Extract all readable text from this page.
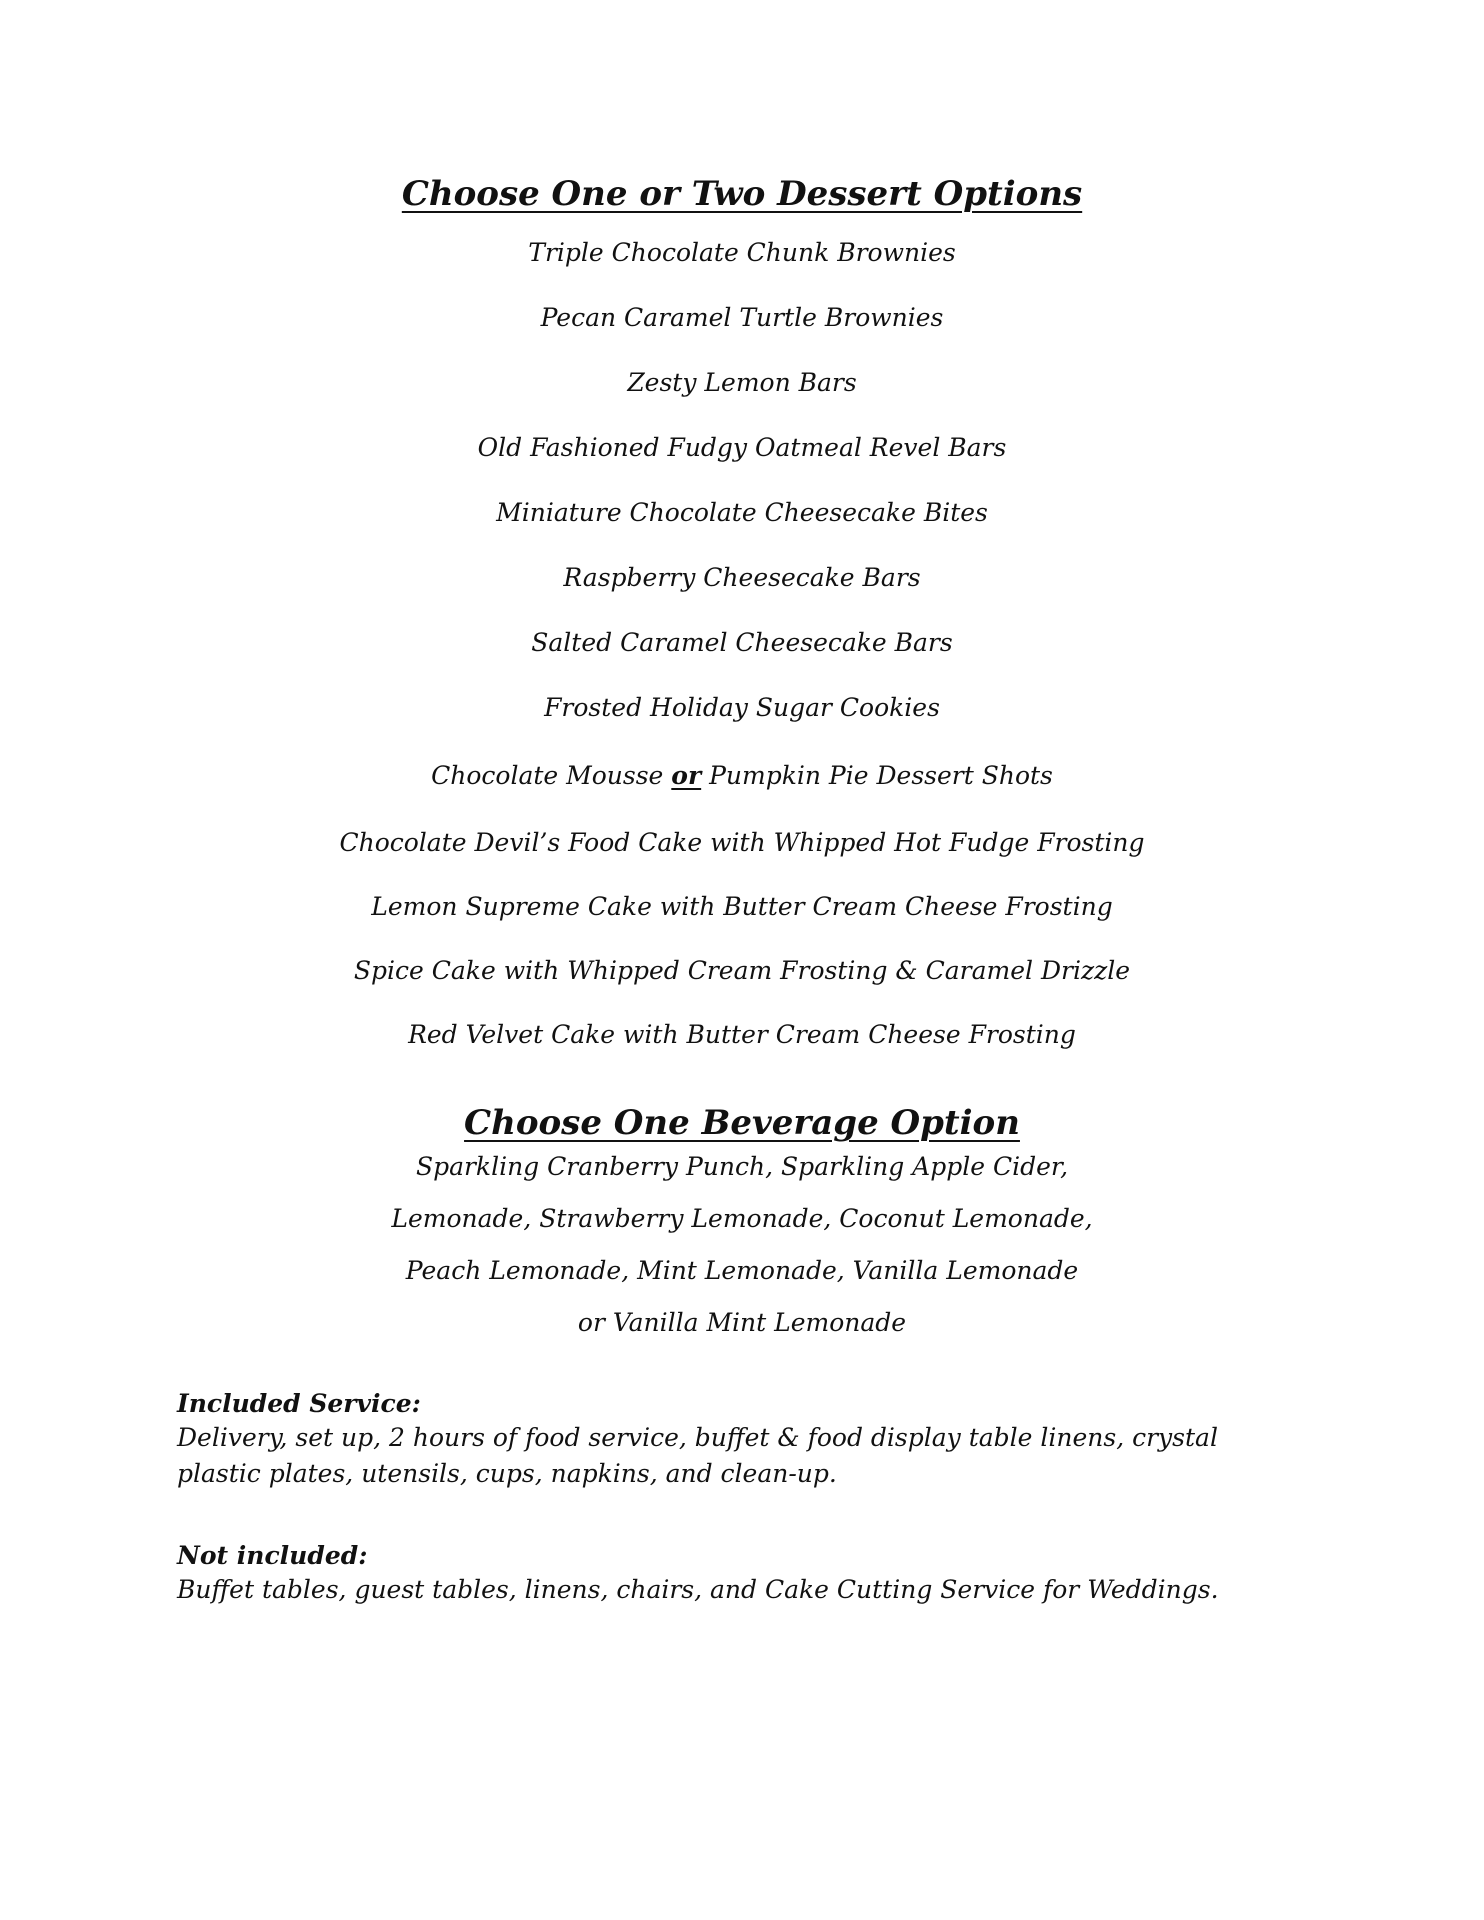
Choose One or Two Dessert Options

Triple Chocolate Chunk Brownies

Pecan Caramel Turtle Brownies

Zesty Lemon Bars

Old Fashioned Fudgy Oatmeal Revel Bars

Miniature Chocolate Cheesecake Bites

Raspberry Cheesecake Bars

Salted Caramel Cheesecake Bars

Frosted Holiday Sugar Cookies

Chocolate Mousse or Pumpkin Pie Dessert Shots

Chocolate Devil’s Food Cake with Whipped Hot Fudge Frosting

Lemon Supreme Cake with Butter Cream Cheese Frosting

Spice Cake with Whipped Cream Frosting & Caramel Drizzle

Red Velvet Cake with Butter Cream Cheese Frosting

Choose One Beverage Option

Sparkling Cranberry Punch, Sparkling Apple Cider,

Lemonade, Strawberry Lemonade, Coconut Lemonade,

Peach Lemonade, Mint Lemonade, Vanilla Lemonade

or Vanilla Mint Lemonade

Included Service:

Delivery, set up, 2 hours of food service, buffet & food display table linens, crystal plastic plates, utensils, cups, napkins, and clean-up.

Not included:

Buffet tables, guest tables, linens, chairs, and Cake Cutting Service for Weddings.
